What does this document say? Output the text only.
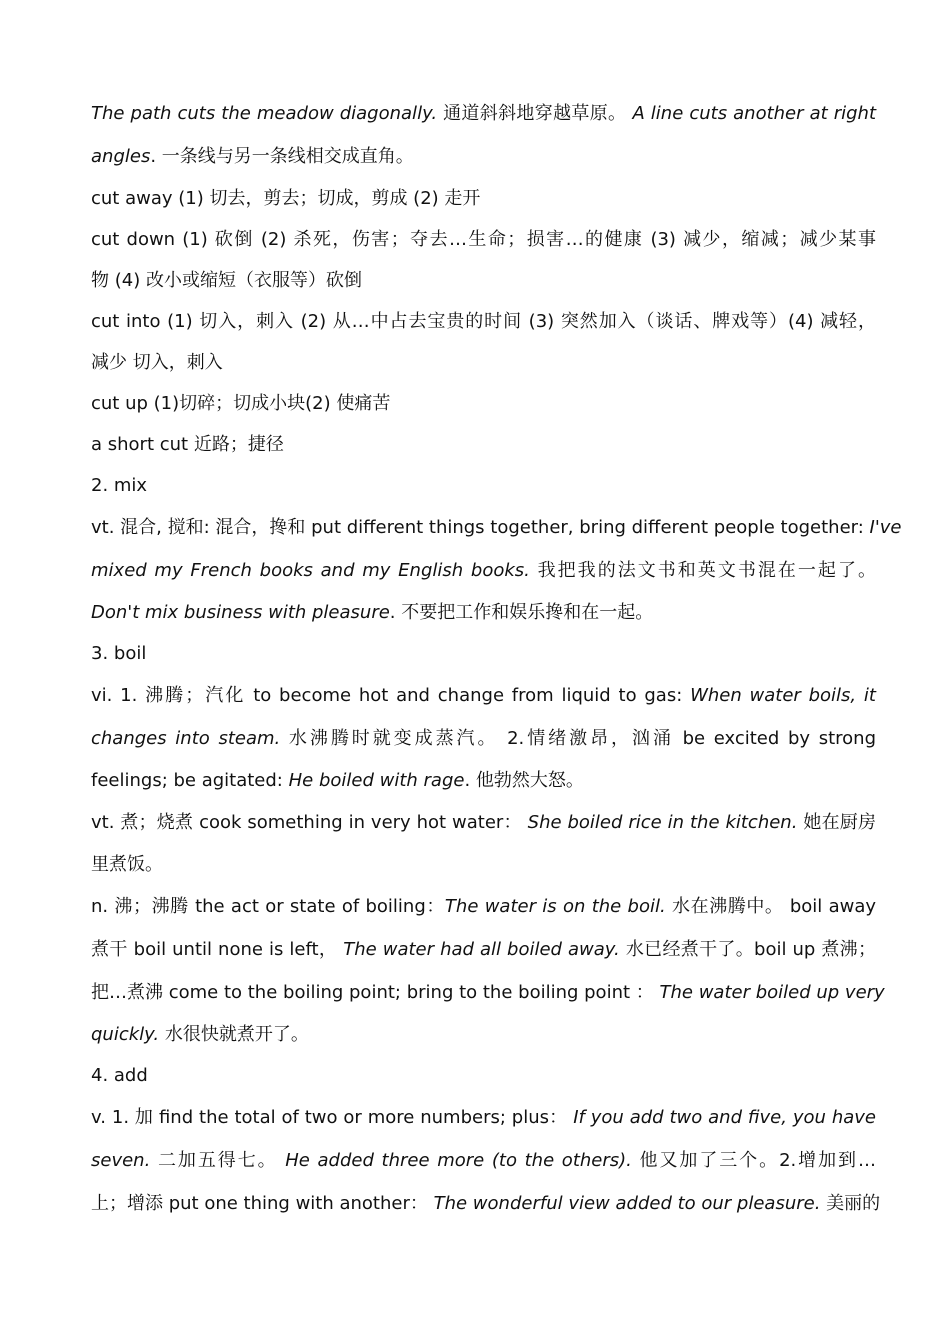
The path cuts the meadow diagonally. 通道斜斜地穿越草原。 A line cuts another at right
angles. 一条线与另一条线相交成直角。
cut away (1) 切去，剪去；切成，剪成 (2) 走开
cut down (1) 砍倒 (2) 杀死，伤害；夺去…生命；损害…的健康 (3) 减少，缩减；减少某事
物 (4) 改小或缩短（衣服等）砍倒
cut into (1) 切入，刺入 (2) 从…中占去宝贵的时间 (3) 突然加入（谈话、牌戏等）(4) 减轻，
减少 切入，刺入
cut up (1)切碎；切成小块(2) 使痛苦
a short cut 近路；捷径
2. mix
vt. 混合, 搅和: 混合，搀和 put different things together, bring different people together: I've
mixed my French books and my English books. 我把我的法文书和英文书混在一起了。
Don't mix business with pleasure. 不要把工作和娱乐搀和在一起。
3. boil
vi. 1. 沸腾；汽化 to become hot and change from liquid to gas: When water boils, it
changes into steam. 水沸腾时就变成蒸汽。 2.情绪激昂，汹涌 be excited by strong
feelings; be agitated: He boiled with rage. 他勃然大怒。
vt. 煮；烧煮 cook something in very hot water： She boiled rice in the kitchen. 她在厨房
里煮饭。
n. 沸；沸腾 the act or state of boiling：The water is on the boil. 水在沸腾中。 boil away
煮干 boil until none is left， The water had all boiled away. 水已经煮干了。boil up 煮沸；
把…煮沸 come to the boiling point; bring to the boiling point ： The water boiled up very
quickly. 水很快就煮开了。
4. add
v. 1. 加 find the total of two or more numbers; plus： If you add two and five, you have
seven. 二加五得七。 He added three more (to the others). 他又加了三个。2.增加到…
上；增添 put one thing with another： The wonderful view added to our pleasure. 美丽的
